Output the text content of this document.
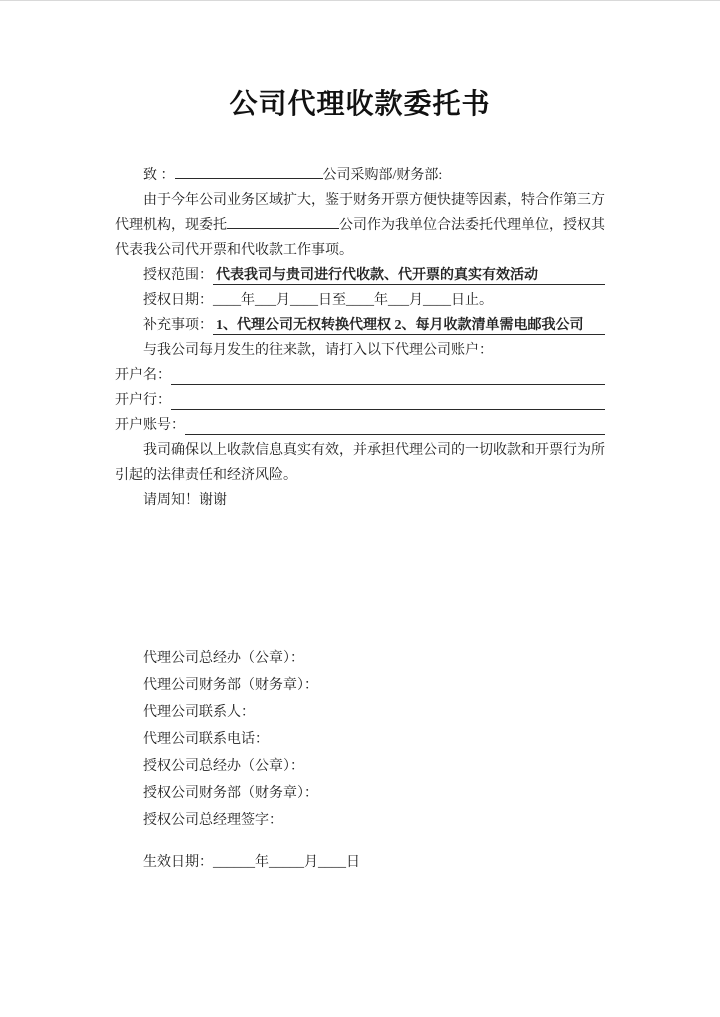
公司代理收款委托书

致 ：	公司采购部/财务部:

由于今年公司业务区域扩大，鉴于财务开票方便快捷等因素，特合作第三方代理机构，现委托	公司作为我单位合法委托代理单位，授权其代表我公司代开票和代收款工作事项。

授权范围： 代表我司与贵司进行代收款、代开票的真实有效活动

授权日期：____年___月____日至____年___月____日止。

补充事项： 1、代理公司无权转换代理权 2、每月收款清单需电邮我公司

与我公司每月发生的往来款，请打入以下代理公司账户：

开户名：
开户行：
开户账号：

我司确保以上收款信息真实有效，并承担代理公司的一切收款和开票行为所引起的法律责任和经济风险。

请周知！谢谢

代理公司总经办（公章）：

代理公司财务部（财务章）：

代理公司联系人：

代理公司联系电话：

授权公司总经办（公章）：

授权公司财务部（财务章）：

授权公司总经理签字：

生效日期：______年_____月____日
